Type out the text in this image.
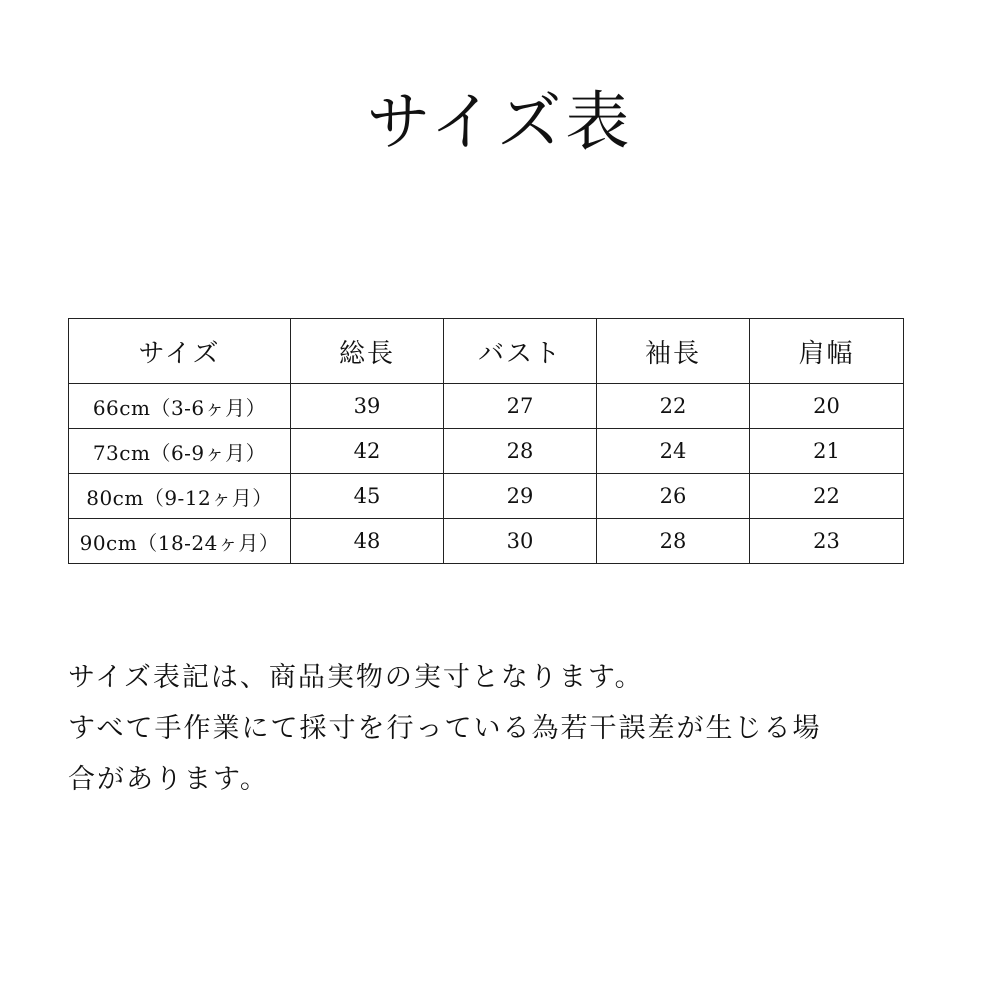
サイズ表
サイズ	総長	バスト	袖長	肩幅
66cm（3-6ヶ月）	39	27	22	20
73cm（6-9ヶ月）	42	28	24	21
80cm（9-12ヶ月）	45	29	26	22
90cm（18-24ヶ月）	48	30	28	23
サイズ表記は、商品実物の実寸となります。
すべて手作業にて採寸を行っている為若干誤差が生じる場
合があります。
